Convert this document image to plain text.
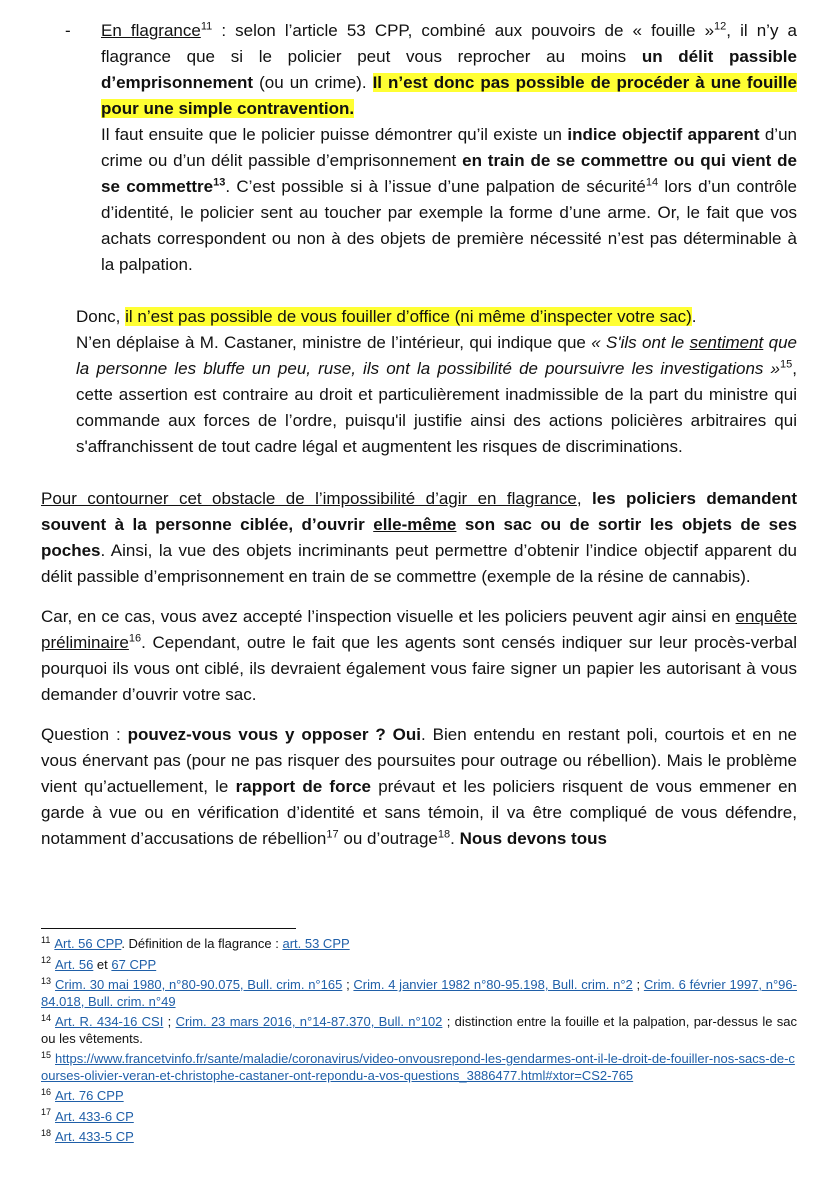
- En flagrance$^{11}$ : selon l’article 53 CPP, combiné aux pouvoirs de « fouille »$^{12}$, il n’y a flagrance que si le policier peut vous reprocher au moins un délit passible d’emprisonnement (ou un crime). Il n’est donc pas possible de procéder à une fouille pour une simple contravention.

Il faut ensuite que le policier puisse démontrer qu’il existe un indice objectif apparent d’un crime ou d’un délit passible d’emprisonnement en train de se commettre ou qui vient de se commettre$^{13}$. C’est possible si à l’issue d’une palpation de sécurité$^{14}$ lors d’un contrôle d’identité, le policier sent au toucher par exemple la forme d’une arme. Or, le fait que vos achats correspondent ou non à des objets de première nécessité n’est pas déterminable à la palpation.

Donc, il n’est pas possible de vous fouiller d’office (ni même d’inspecter votre sac).
N’en déplaise à M. Castaner, ministre de l’intérieur, qui indique que « S'ils ont le sentiment que la personne les bluffe un peu, ruse, ils ont la possibilité de poursuivre les investigations »$^{15}$, cette assertion est contraire au droit et particulièrement inadmissible de la part du ministre qui commande aux forces de l’ordre, puisqu'il justifie ainsi des actions policières arbitraires qui s'affranchissent de tout cadre légal et augmentent les risques de discriminations.

Pour contourner cet obstacle de l’impossibilité d’agir en flagrance, les policiers demandent souvent à la personne ciblée, d’ouvrir elle-même son sac ou de sortir les objets de ses poches. Ainsi, la vue des objets incriminants peut permettre d’obtenir l’indice objectif apparent du délit passible d’emprisonnement en train de se commettre (exemple de la résine de cannabis).

Car, en ce cas, vous avez accepté l’inspection visuelle et les policiers peuvent agir ainsi en enquête préliminaire$^{16}$. Cependant, outre le fait que les agents sont censés indiquer sur leur procès-verbal pourquoi ils vous ont ciblé, ils devraient également vous faire signer un papier les autorisant à vous demander d’ouvrir votre sac.

Question : pouvez-vous vous y opposer ? Oui. Bien entendu en restant poli, courtois et en ne vous énervant pas (pour ne pas risquer des poursuites pour outrage ou rébellion). Mais le problème vient qu’actuellement, le rapport de force prévaut et les policiers risquent de vous emmener en garde à vue ou en vérification d’identité et sans témoin, il va être compliqué de vous défendre, notamment d’accusations de rébellion$^{17}$ ou d’outrage$^{18}$. Nous devons tous

$^{11}$ Art. 56 CPP. Définition de la flagrance : art. 53 CPP

$^{12}$ Art. 56 et 67 CPP

$^{13}$ Crim. 30 mai 1980, n°80-90.075, Bull. crim. n°165 ; Crim. 4 janvier 1982 n°80-95.198, Bull. crim. n°2 ; Crim. 6 février 1997, n°96-84.018, Bull. crim. n°49

$^{14}$ Art. R. 434-16 CSI ; Crim. 23 mars 2016, n°14-87.370, Bull. n°102 ; distinction entre la fouille et la palpation, par-dessus le sac ou les vêtements.

$^{15}$ https://www.francetvinfo.fr/sante/maladie/coronavirus/video-onvousrepond-les-gendarmes-ont-il-le-droit-de-fouiller-nos-sacs-de-courses-olivier-veran-et-christophe-castaner-ont-repondu-a-vos-questions_3886477.html#xtor=CS2-765

$^{16}$ Art. 76 CPP

$^{17}$ Art. 433-6 CP

$^{18}$ Art. 433-5 CP
